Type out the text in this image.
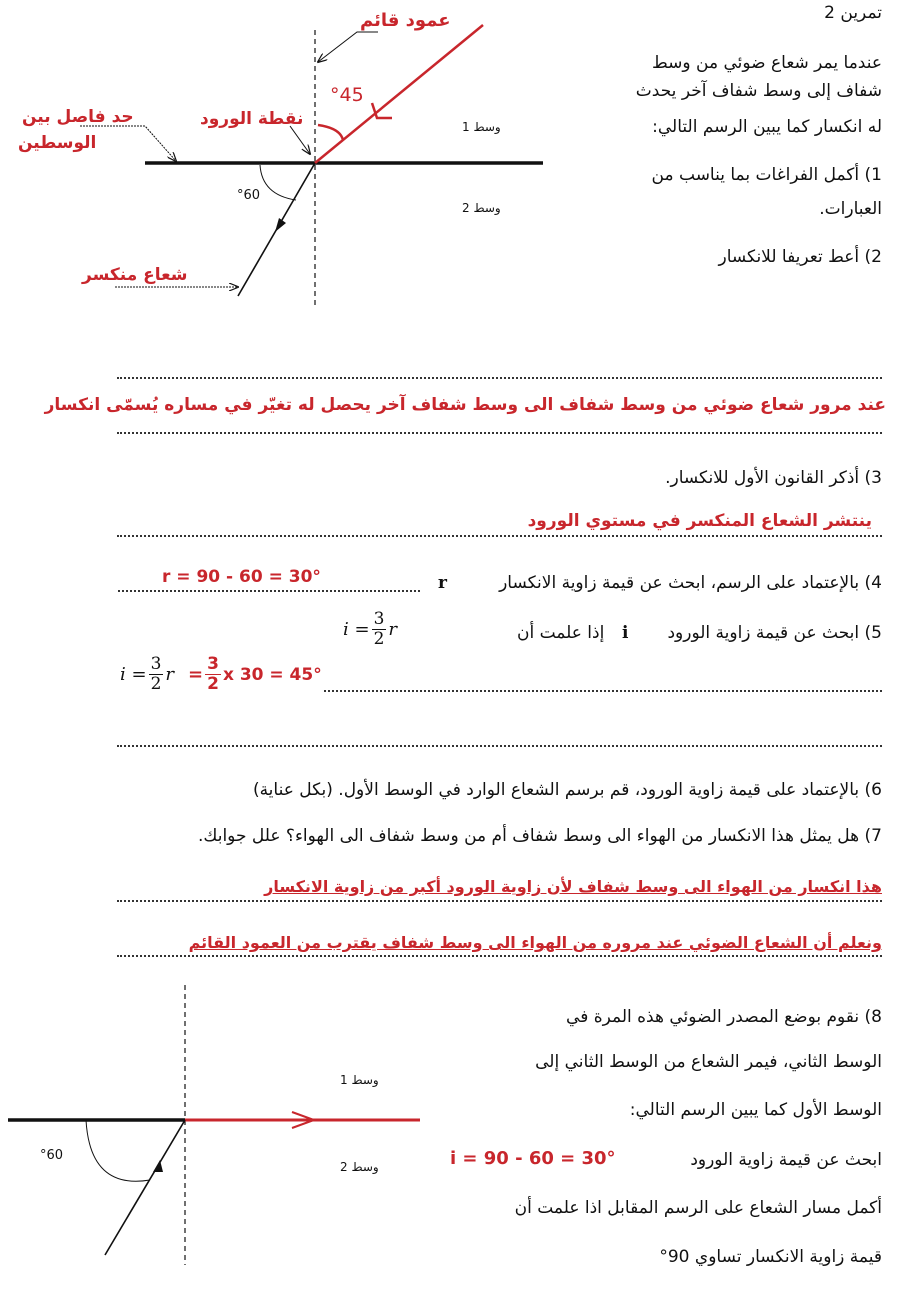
عمود قائم
°45
نقطة الورود
حد فاصل بين
الوسطين
°60
وسط 1
وسط 2
شعاع منكسر
تمرين 2
عندما يمر شعاع ضوئي من وسط
شفاف إلى وسط شفاف آخر يحدث
له انكسار كما يبين الرسم التالي:
1) أكمل الفراغات بما يناسب من
العبارات.
2) أعط تعريفا للانكسار
عند مرور شعاع ضوئي من وسط شفاف الى وسط شفاف آخر يحصل له تغيّر في مساره يُسمّى انكسار
3) أذكر القانون الأول للانكسار.
ينتشر الشعاع المنكسر في مستوي الورود
4) بالإعتماد على الرسم، ابحث عن قيمة زاوية الانكسار
r
r = 90 - 60 = 30°
5) ابحث عن قيمة زاوية الورود
i
إذا علمت أن
$i = \frac{3}{2}$ r
$i = \frac{3}{2}$ $r = \frac{3}{2}$ x 30 = 45°
6) بالإعتماد على قيمة زاوية الورود، قم برسم الشعاع الوارد في الوسط الأول. (بكل عناية)
7) هل يمثل هذا الانكسار من الهواء الى وسط شفاف أم من وسط شفاف الى الهواء؟ علل جوابك.
هذا انكسار من الهواء الى وسط شفاف لأن زاوية الورود أكبر من زاوية الانكسار
ونعلم أن الشعاع الضوئي عند مروره من الهواء الى وسط شفاف يقترب من العمود القائم
°60
وسط 1
وسط 2
8) نقوم بوضع المصدر الضوئي هذه المرة في
الوسط الثاني، فيمر الشعاع من الوسط الثاني إلى
الوسط الأول كما يبين الرسم التالي:
ابحث عن قيمة زاوية الورود
i = 90 - 60 = 30°
أكمل مسار الشعاع على الرسم المقابل اذا علمت أن
قيمة زاوية الانكسار تساوي 90°
